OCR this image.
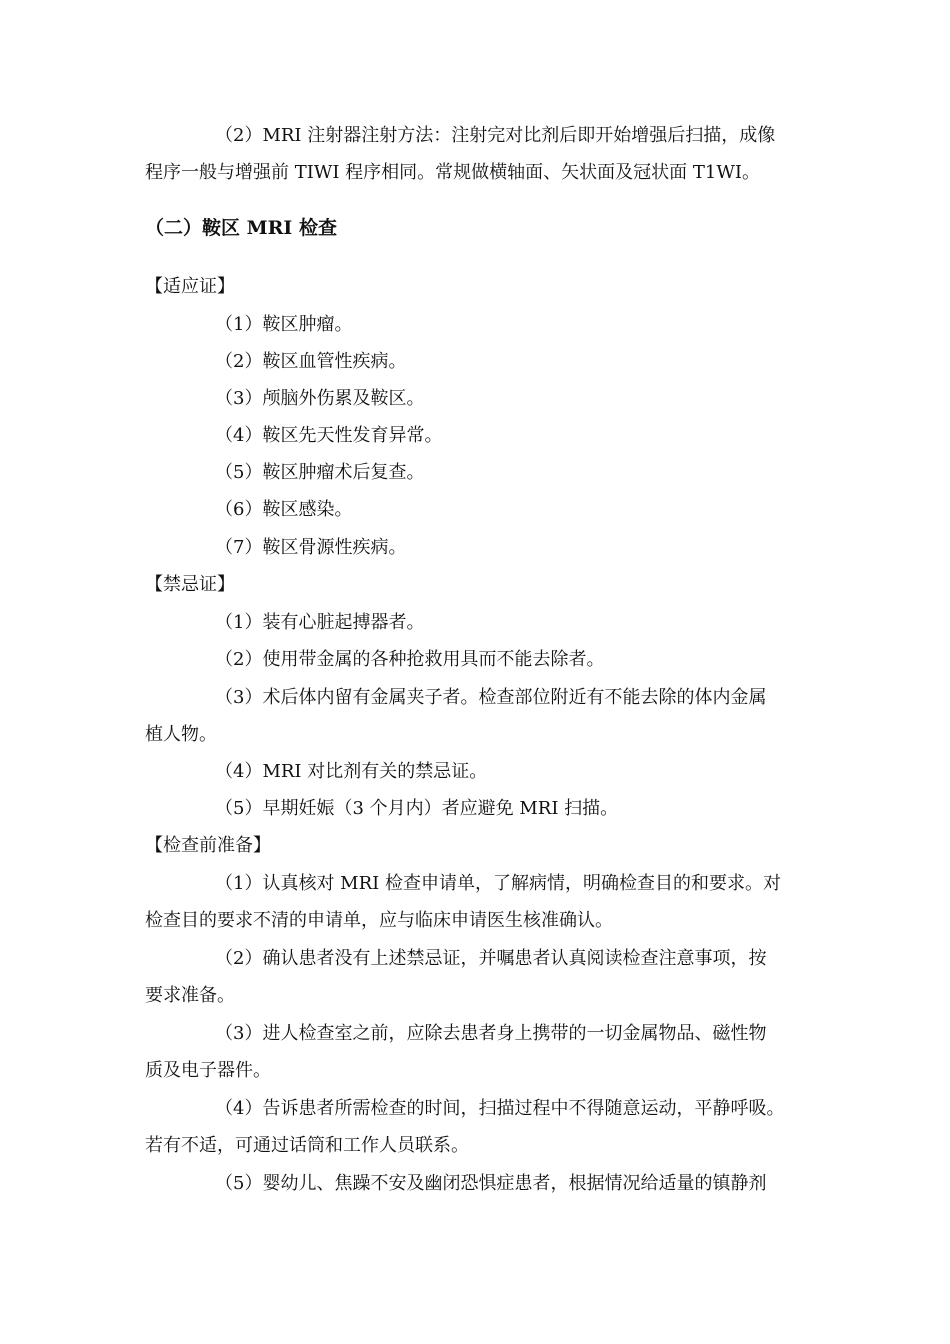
（2）MRI 注射器注射方法：注射完对比剂后即开始增强后扫描，成像
程序一般与增强前 TIWI 程序相同。常规做横轴面、矢状面及冠状面 T1WI。
（二）鞍区 MRI 检查
【适应证】
（1）鞍区肿瘤。
（2）鞍区血管性疾病。
（3）颅脑外伤累及鞍区。
（4）鞍区先天性发育异常。
（5）鞍区肿瘤术后复查。
（6）鞍区感染。
（7）鞍区骨源性疾病。
【禁忌证】
（1）装有心脏起搏器者。
（2）使用带金属的各种抢救用具而不能去除者。
（3）术后体内留有金属夹子者。检查部位附近有不能去除的体内金属
植人物。
（4）MRI 对比剂有关的禁忌证。
（5）早期妊娠（3 个月内）者应避免 MRI 扫描。
【检查前准备】
（1）认真核对 MRI 检查申请单，了解病情，明确检查目的和要求。对
检查目的要求不清的申请单，应与临床申请医生核准确认。
（2）确认患者没有上述禁忌证，并嘱患者认真阅读检查注意事项，按
要求准备。
（3）进人检查室之前，应除去患者身上携带的一切金属物品、磁性物
质及电子器件。
（4）告诉患者所需检查的时间，扫描过程中不得随意运动，平静呼吸。
若有不适，可通过话筒和工作人员联系。
（5）婴幼儿、焦躁不安及幽闭恐惧症患者，根据情况给适量的镇静剂
